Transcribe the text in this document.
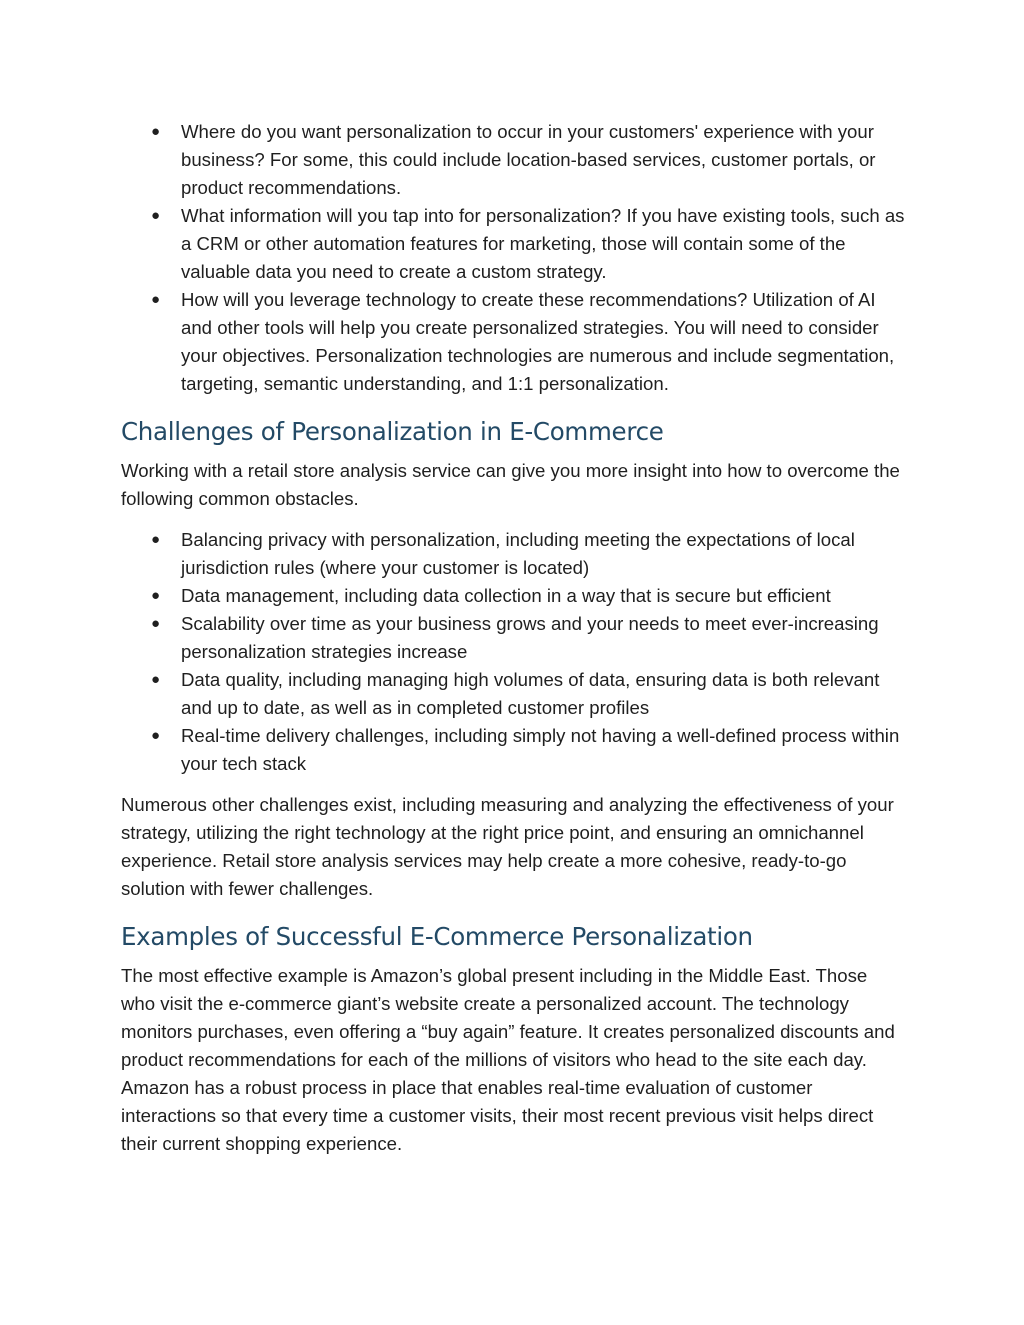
● Where do you want personalization to occur in your customers' experience with your business? For some, this could include location-based services, customer portals, or product recommendations.
● What information will you tap into for personalization? If you have existing tools, such as a CRM or other automation features for marketing, those will contain some of the valuable data you need to create a custom strategy.
● How will you leverage technology to create these recommendations? Utilization of AI and other tools will help you create personalized strategies. You will need to consider your objectives. Personalization technologies are numerous and include segmentation, targeting, semantic understanding, and 1:1 personalization.
Challenges of Personalization in E-Commerce

Working with a retail store analysis service can give you more insight into how to overcome the following common obstacles.

● Balancing privacy with personalization, including meeting the expectations of local jurisdiction rules (where your customer is located)
● Data management, including data collection in a way that is secure but efficient
● Scalability over time as your business grows and your needs to meet ever-increasing personalization strategies increase
● Data quality, including managing high volumes of data, ensuring data is both relevant and up to date, as well as in completed customer profiles
● Real-time delivery challenges, including simply not having a well-defined process within your tech stack

Numerous other challenges exist, including measuring and analyzing the effectiveness of your strategy, utilizing the right technology at the right price point, and ensuring an omnichannel experience. Retail store analysis services may help create a more cohesive, ready-to-go solution with fewer challenges.

Examples of Successful E-Commerce Personalization

The most effective example is Amazon’s global present including in the Middle East. Those who visit the e-commerce giant’s website create a personalized account. The technology monitors purchases, even offering a “buy again” feature. It creates personalized discounts and product recommendations for each of the millions of visitors who head to the site each day. Amazon has a robust process in place that enables real-time evaluation of customer interactions so that every time a customer visits, their most recent previous visit helps direct their current shopping experience.
